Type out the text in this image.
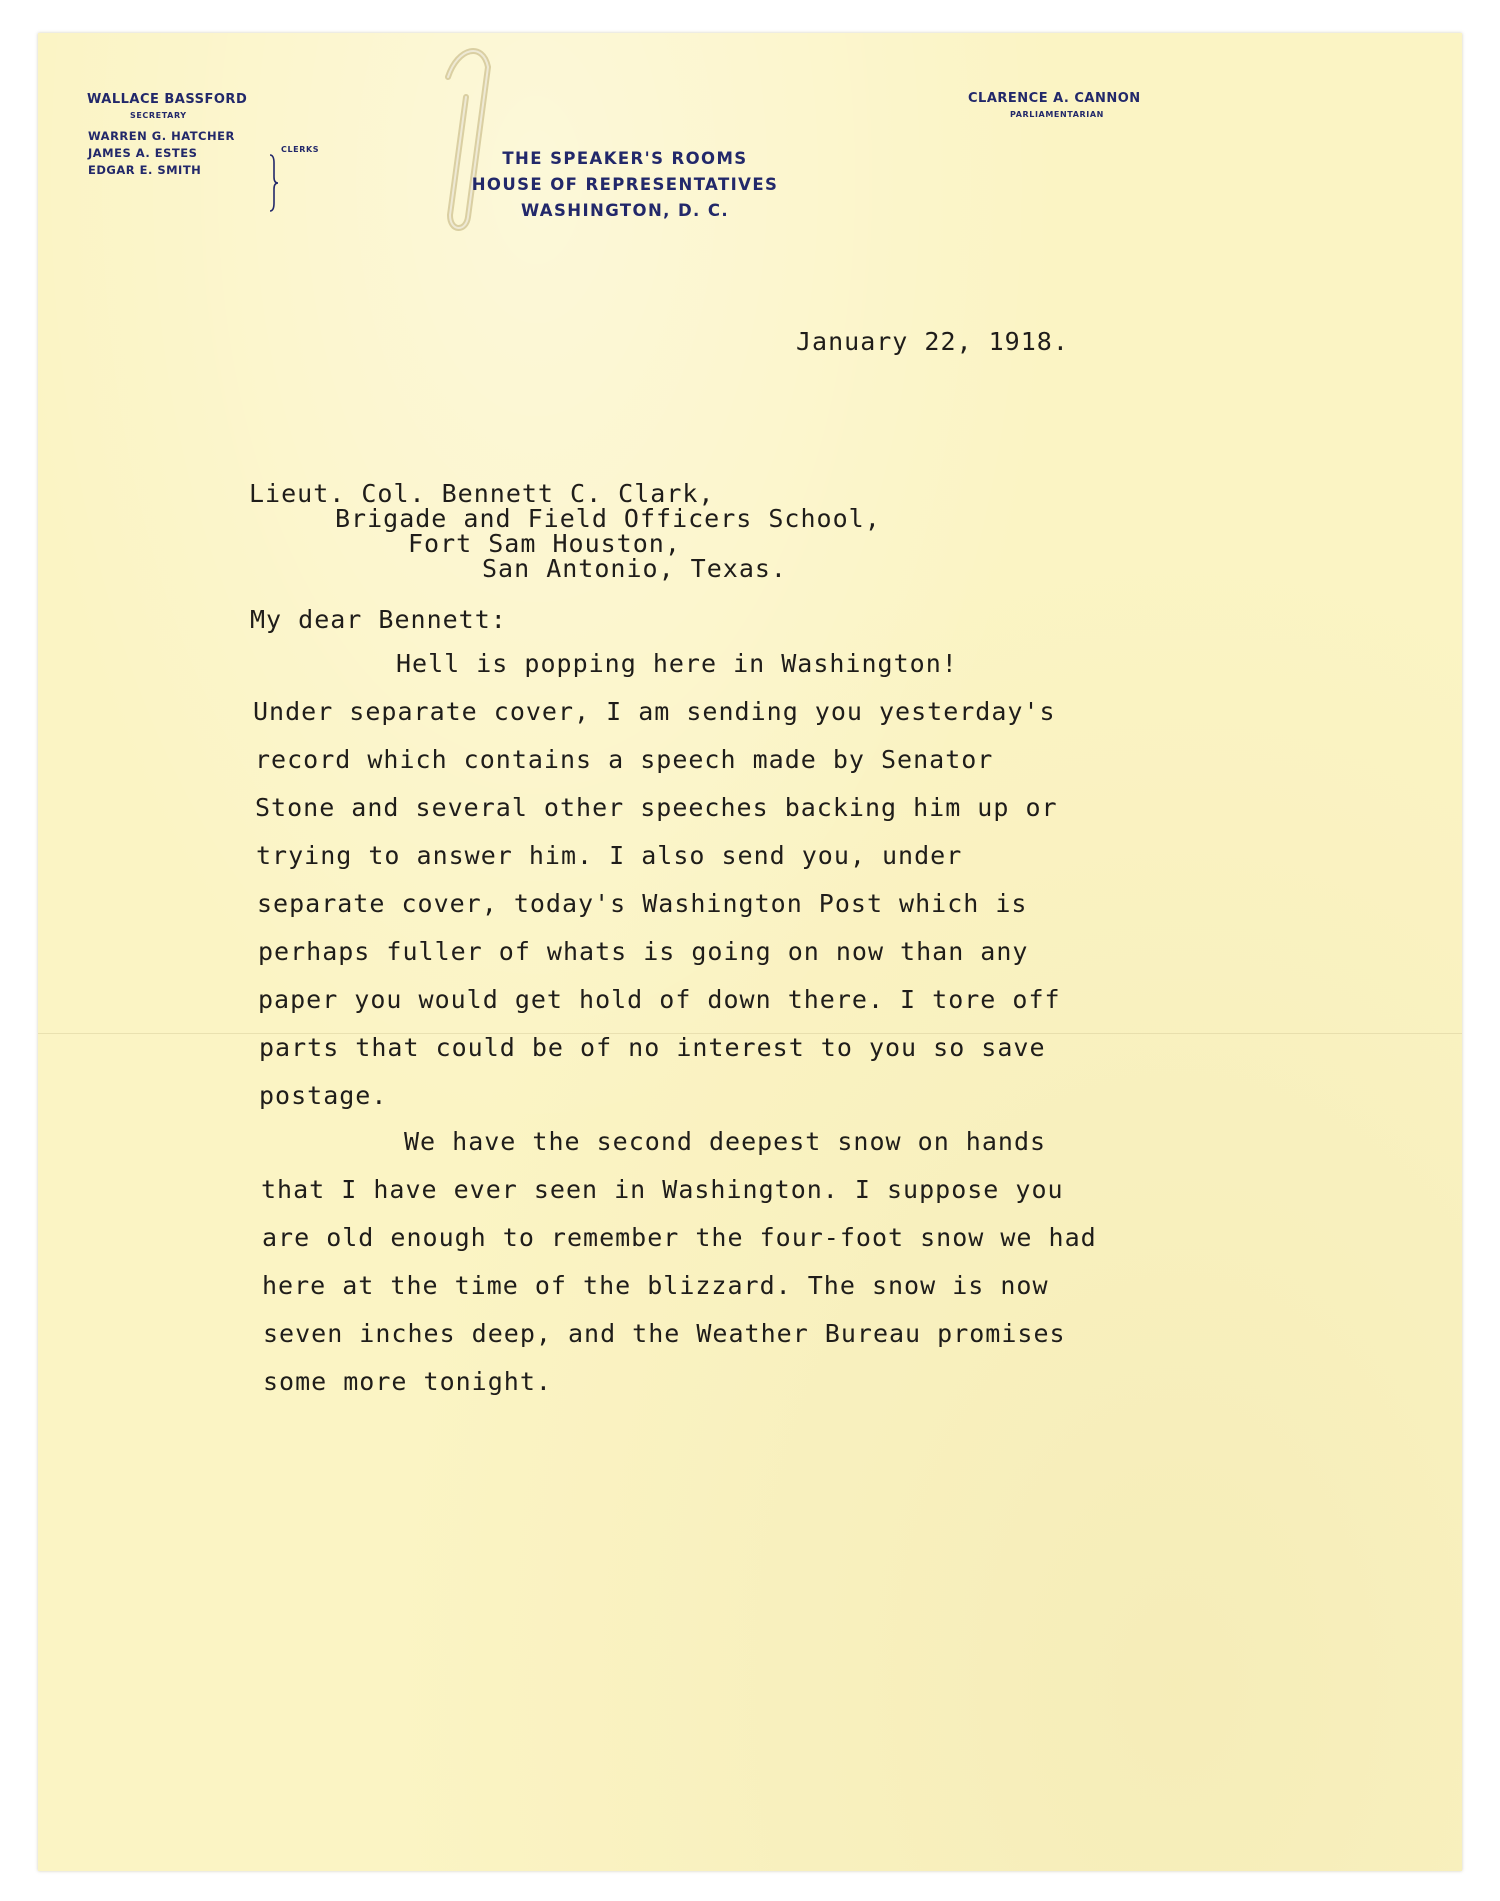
WALLACE BASSFORD
SECRETARY
WARREN G. HATCHER
JAMES A. ESTES
EDGAR E. SMITH
CLERKS	THE SPEAKER'S ROOMS
HOUSE OF REPRESENTATIVES
WASHINGTON, D. C.
CLARENCE A. CANNON
PARLIAMENTARIAN
January 22, 1918.
Lieut. Col. Bennett C. Clark,
Brigade and Field Officers School,
Fort Sam Houston,
San Antonio, Texas.
My dear Bennett:
Hell is popping here in Washington!
Under separate cover, I am sending you yesterday's
record which contains a speech made by Senator
Stone and several other speeches backing him up or
trying to answer him. I also send you, under
separate cover, today's Washington Post which is
perhaps fuller of whats is going on now than any
paper you would get hold of down there. I tore off
parts that could be of no interest to you so save
postage.
We have the second deepest snow on hands
that I have ever seen in Washington. I suppose you
are old enough to remember the four-foot snow we had
here at the time of the blizzard. The snow is now
seven inches deep, and the Weather Bureau promises
some more tonight.
